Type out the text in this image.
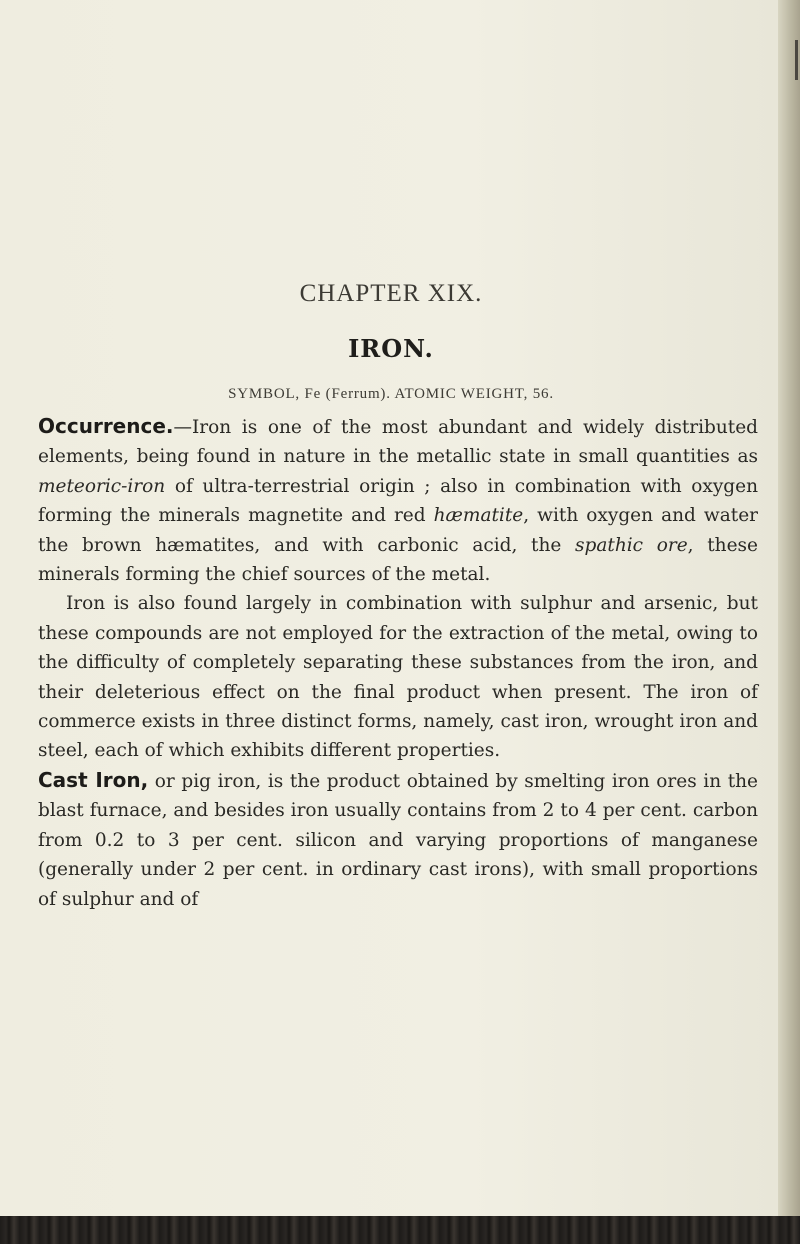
CHAPTER XIX.
IRON.
SYMBOL, Fe (Ferrum). ATOMIC WEIGHT, 56.

Occurrence.—Iron is one of the most abundant and widely distributed elements, being found in nature in the metallic state in small quantities as meteoric-iron of ultra-terrestrial origin ; also in combination with oxygen forming the minerals magnetite and red hæmatite, with oxygen and water the brown hæmatites, and with carbonic acid, the spathic ore, these minerals forming the chief sources of the metal.

Iron is also found largely in combination with sulphur and arsenic, but these compounds are not employed for the extraction of the metal, owing to the difficulty of completely separating these substances from the iron, and their deleterious effect on the final product when present. The iron of commerce exists in three distinct forms, namely, cast iron, wrought iron and steel, each of which exhibits different properties.

Cast Iron, or pig iron, is the product obtained by smelting iron ores in the blast furnace, and besides iron usually contains from 2 to 4 per cent. carbon from 0.2 to 3 per cent. silicon and varying proportions of manganese (generally under 2 per cent. in ordinary cast irons), with small proportions of sulphur and of
